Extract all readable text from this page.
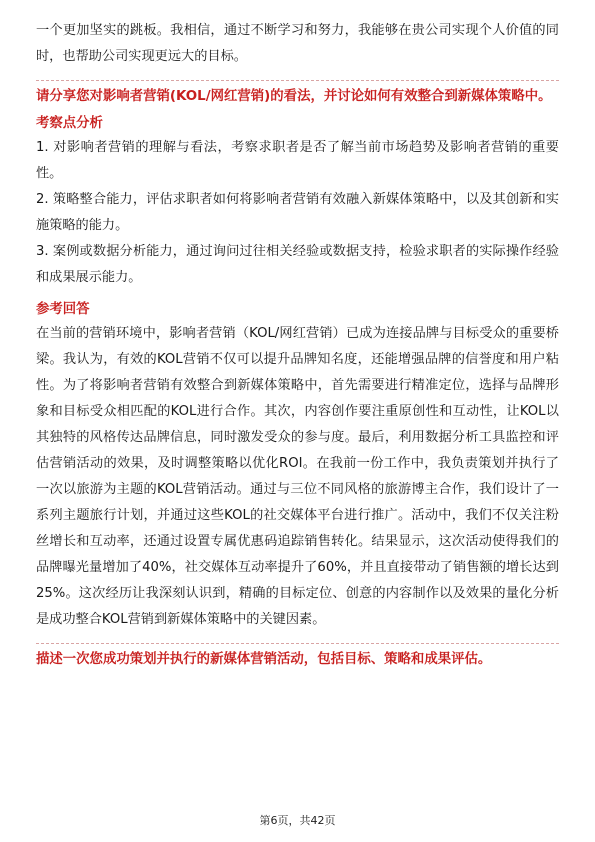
一个更加坚实的跳板。我相信，通过不断学习和努力，我能够在贵公司实现个人价值的同时，也帮助公司实现更远大的目标。

请分享您对影响者营销(KOL/网红营销)的看法，并讨论如何有效整合到新媒体策略中。
考察点分析

1. 对影响者营销的理解与看法，考察求职者是否了解当前市场趋势及影响者营销的重要性。

2. 策略整合能力，评估求职者如何将影响者营销有效融入新媒体策略中，以及其创新和实施策略的能力。

3. 案例或数据分析能力，通过询问过往相关经验或数据支持，检验求职者的实际操作经验和成果展示能力。

参考回答

在当前的营销环境中，影响者营销（KOL/网红营销）已成为连接品牌与目标受众的重要桥梁。我认为，有效的KOL营销不仅可以提升品牌知名度，还能增强品牌的信誉度和用户粘性。为了将影响者营销有效整合到新媒体策略中，首先需要进行精准定位，选择与品牌形象和目标受众相匹配的KOL进行合作。其次，内容创作要注重原创性和互动性，让KOL以其独特的风格传达品牌信息，同时激发受众的参与度。最后，利用数据分析工具监控和评估营销活动的效果，及时调整策略以优化ROI。在我前一份工作中，我负责策划并执行了一次以旅游为主题的KOL营销活动。通过与三位不同风格的旅游博主合作，我们设计了一系列主题旅行计划，并通过这些KOL的社交媒体平台进行推广。活动中，我们不仅关注粉丝增长和互动率，还通过设置专属优惠码追踪销售转化。结果显示，这次活动使得我们的品牌曝光量增加了40%，社交媒体互动率提升了60%，并且直接带动了销售额的增长达到25%。这次经历让我深刻认识到，精确的目标定位、创意的内容制作以及效果的量化分析是成功整合KOL营销到新媒体策略中的关键因素。

描述一次您成功策划并执行的新媒体营销活动，包括目标、策略和成果评估。
第6页，共42页
